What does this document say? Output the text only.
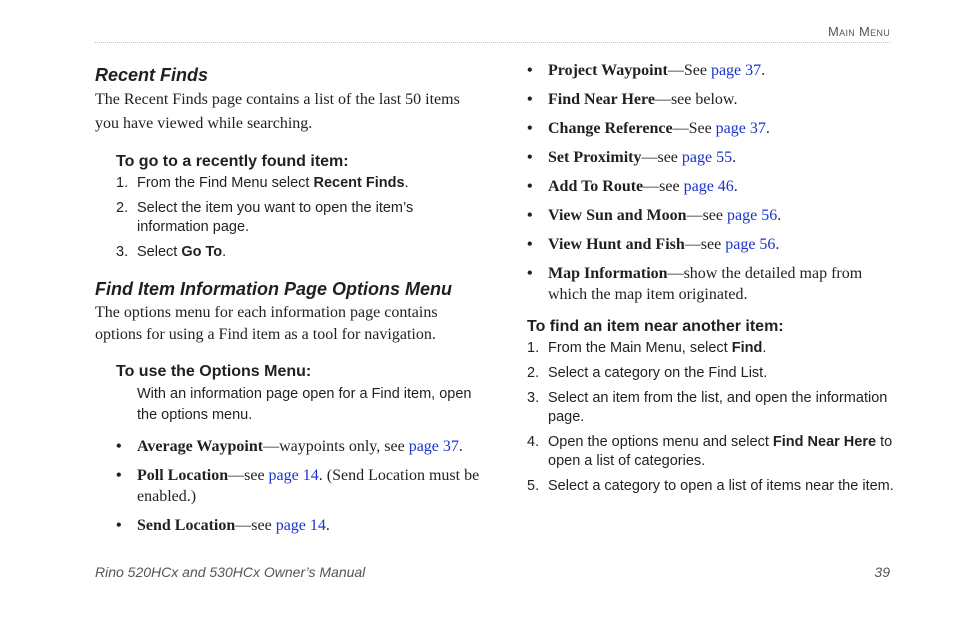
Main Menu
Recent Finds

The Recent Finds page contains a list of the last 50 items you have viewed while searching.

To go to a recently found item:
1. From the Find Menu select Recent Finds.
2. Select the item you want to open the item’s information page.
3. Select Go To.
Find Item Information Page Options Menu

The options menu for each information page contains options for using a Find item as a tool for navigation.

To use the Options Menu:

With an information page open for a Find item, open the options menu.

• Average Waypoint—waypoints only, see page 37.
• Poll Location—see page 14. (Send Location must be enabled.)
• Send Location—see page 14.
• Project Waypoint—See page 37.
• Find Near Here—see below.
• Change Reference—See page 37.
• Set Proximity—see page 55.
• Add To Route—see page 46.
• View Sun and Moon—see page 56.
• View Hunt and Fish—see page 56.
• Map Information—show the detailed map from which the map item originated.
To find an item near another item:
1. From the Main Menu, select Find.
2. Select a category on the Find List.
3. Select an item from the list, and open the information page.
4. Open the options menu and select Find Near Here to open a list of categories.
5. Select a category to open a list of items near the item.
Rino 520HCx and 530HCx Owner’s Manual	39
